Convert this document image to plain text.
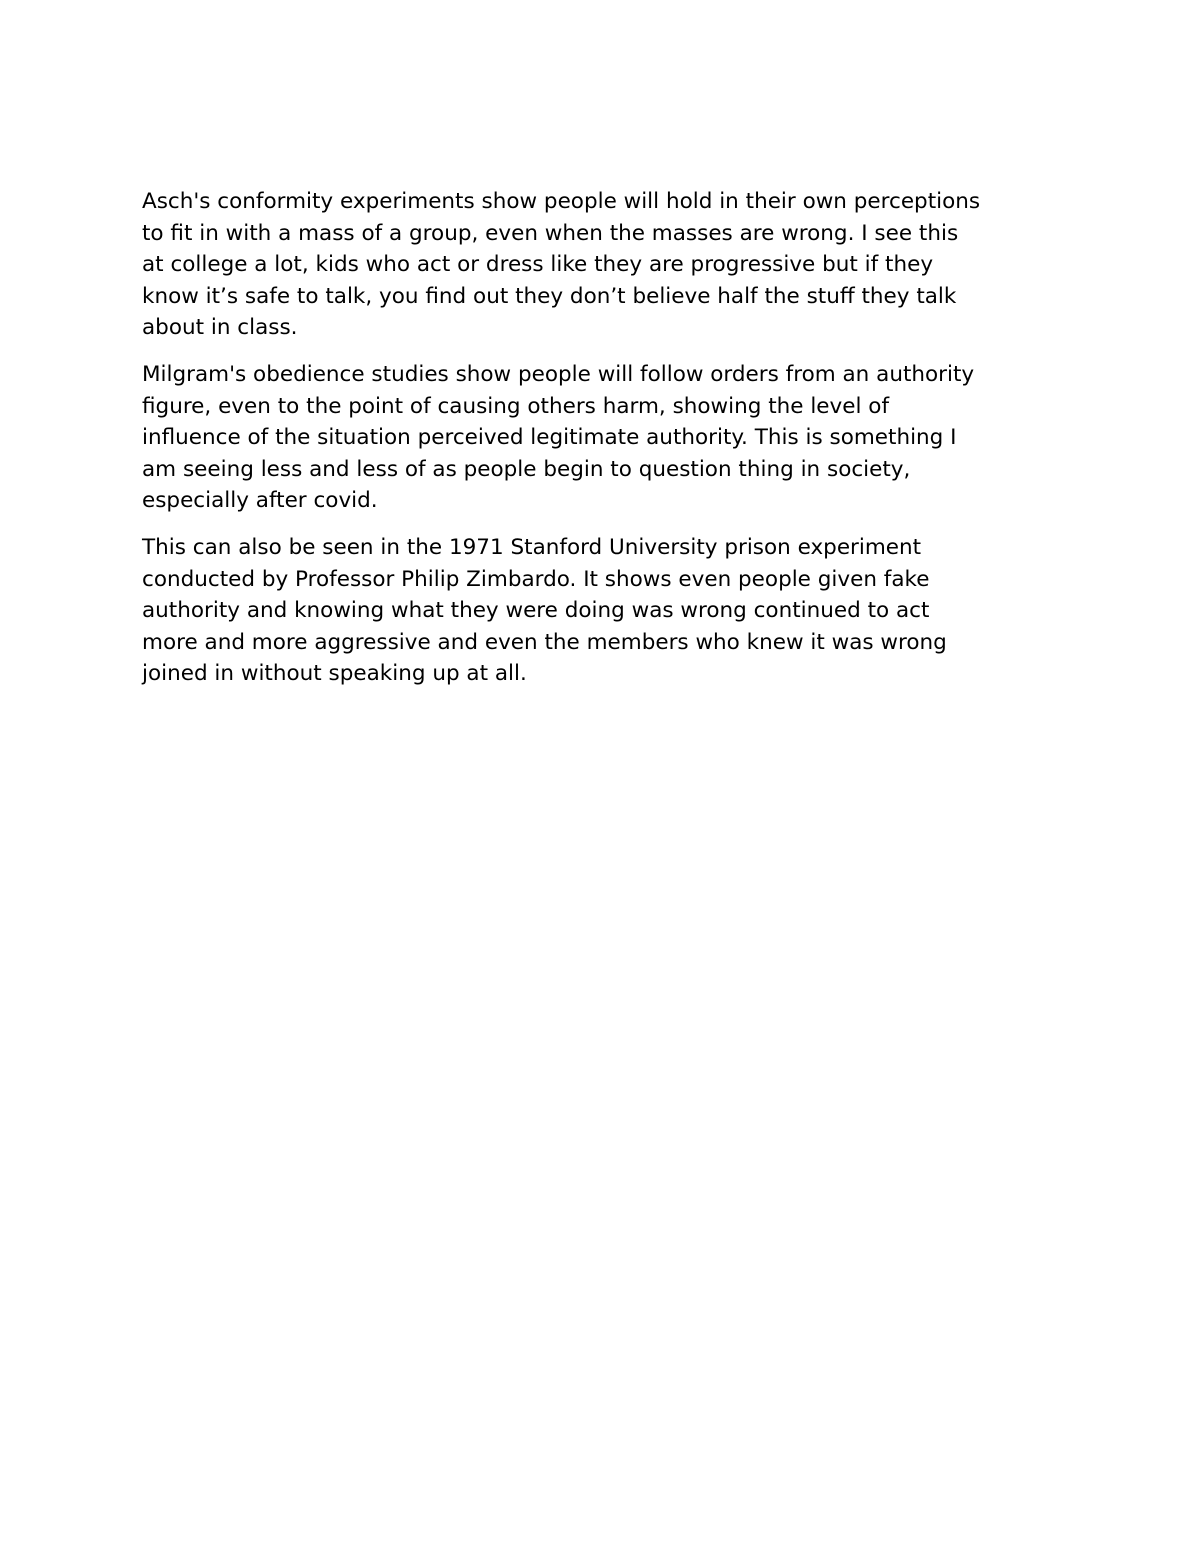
Asch's conformity experiments show people will hold in their own perceptions
to fit in with a mass of a group, even when the masses are wrong. I see this
at college a lot, kids who act or dress like they are progressive but if they
know it’s safe to talk, you find out they don’t believe half the stuff they talk
about in class.

Milgram's obedience studies show people will follow orders from an authority
figure, even to the point of causing others harm, showing the level of
influence of the situation perceived legitimate authority. This is something I
am seeing less and less of as people begin to question thing in society,
especially after covid.

This can also be seen in the 1971 Stanford University prison experiment
conducted by Professor Philip Zimbardo. It shows even people given fake
authority and knowing what they were doing was wrong continued to act
more and more aggressive and even the members who knew it was wrong
joined in without speaking up at all.
